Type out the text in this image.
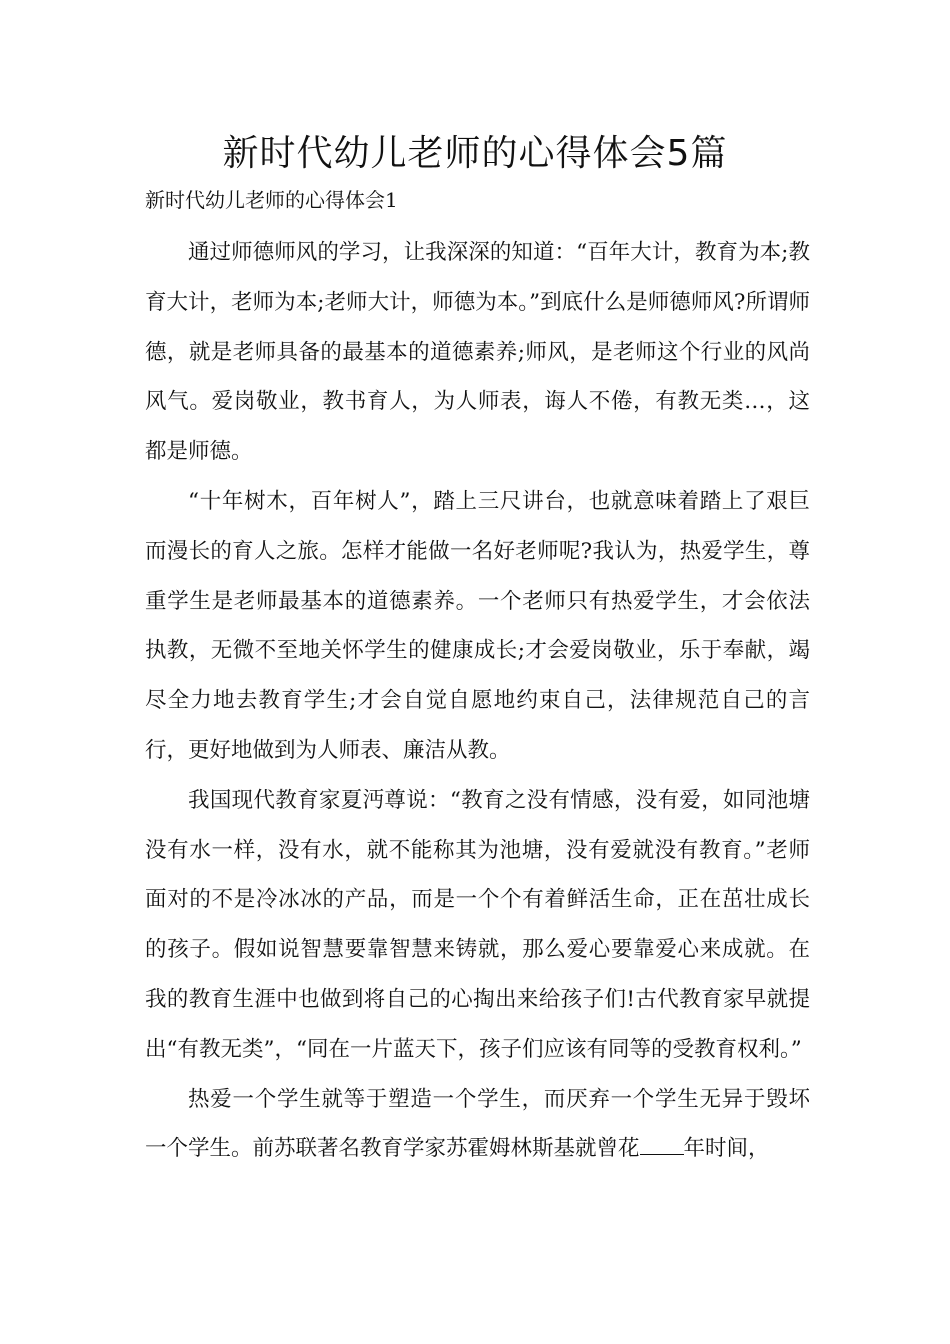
新时代幼儿老师的心得体会5篇
新时代幼儿老师的心得体会1

通过师德师风的学习，让我深深的知道：“百年大计，教育为本;教育大计，老师为本;老师大计，师德为本。”到底什么是师德师风?所谓师德，就是老师具备的最基本的道德素养;师风，是老师这个行业的风尚风气。爱岗敬业，教书育人，为人师表，诲人不倦，有教无类…，这都是师德。

“十年树木，百年树人”，踏上三尺讲台，也就意味着踏上了艰巨而漫长的育人之旅。怎样才能做一名好老师呢?我认为，热爱学生，尊重学生是老师最基本的道德素养。一个老师只有热爱学生，才会依法执教，无微不至地关怀学生的健康成长;才会爱岗敬业，乐于奉献，竭尽全力地去教育学生;才会自觉自愿地约束自己，法律规范自己的言行，更好地做到为人师表、廉洁从教。

我国现代教育家夏沔尊说：“教育之没有情感，没有爱，如同池塘没有水一样，没有水，就不能称其为池塘，没有爱就没有教育。”老师面对的不是冷冰冰的产品，而是一个个有着鲜活生命，正在茁壮成长的孩子。假如说智慧要靠智慧来铸就，那么爱心要靠爱心来成就。在我的教育生涯中也做到将自己的心掏出来给孩子们!古代教育家早就提出“有教无类”，“同在一片蓝天下，孩子们应该有同等的受教育权利。”

热爱一个学生就等于塑造一个学生，而厌弃一个学生无异于毁坏一个学生。前苏联著名教育学家苏霍姆林斯基就曾花 年时间，
